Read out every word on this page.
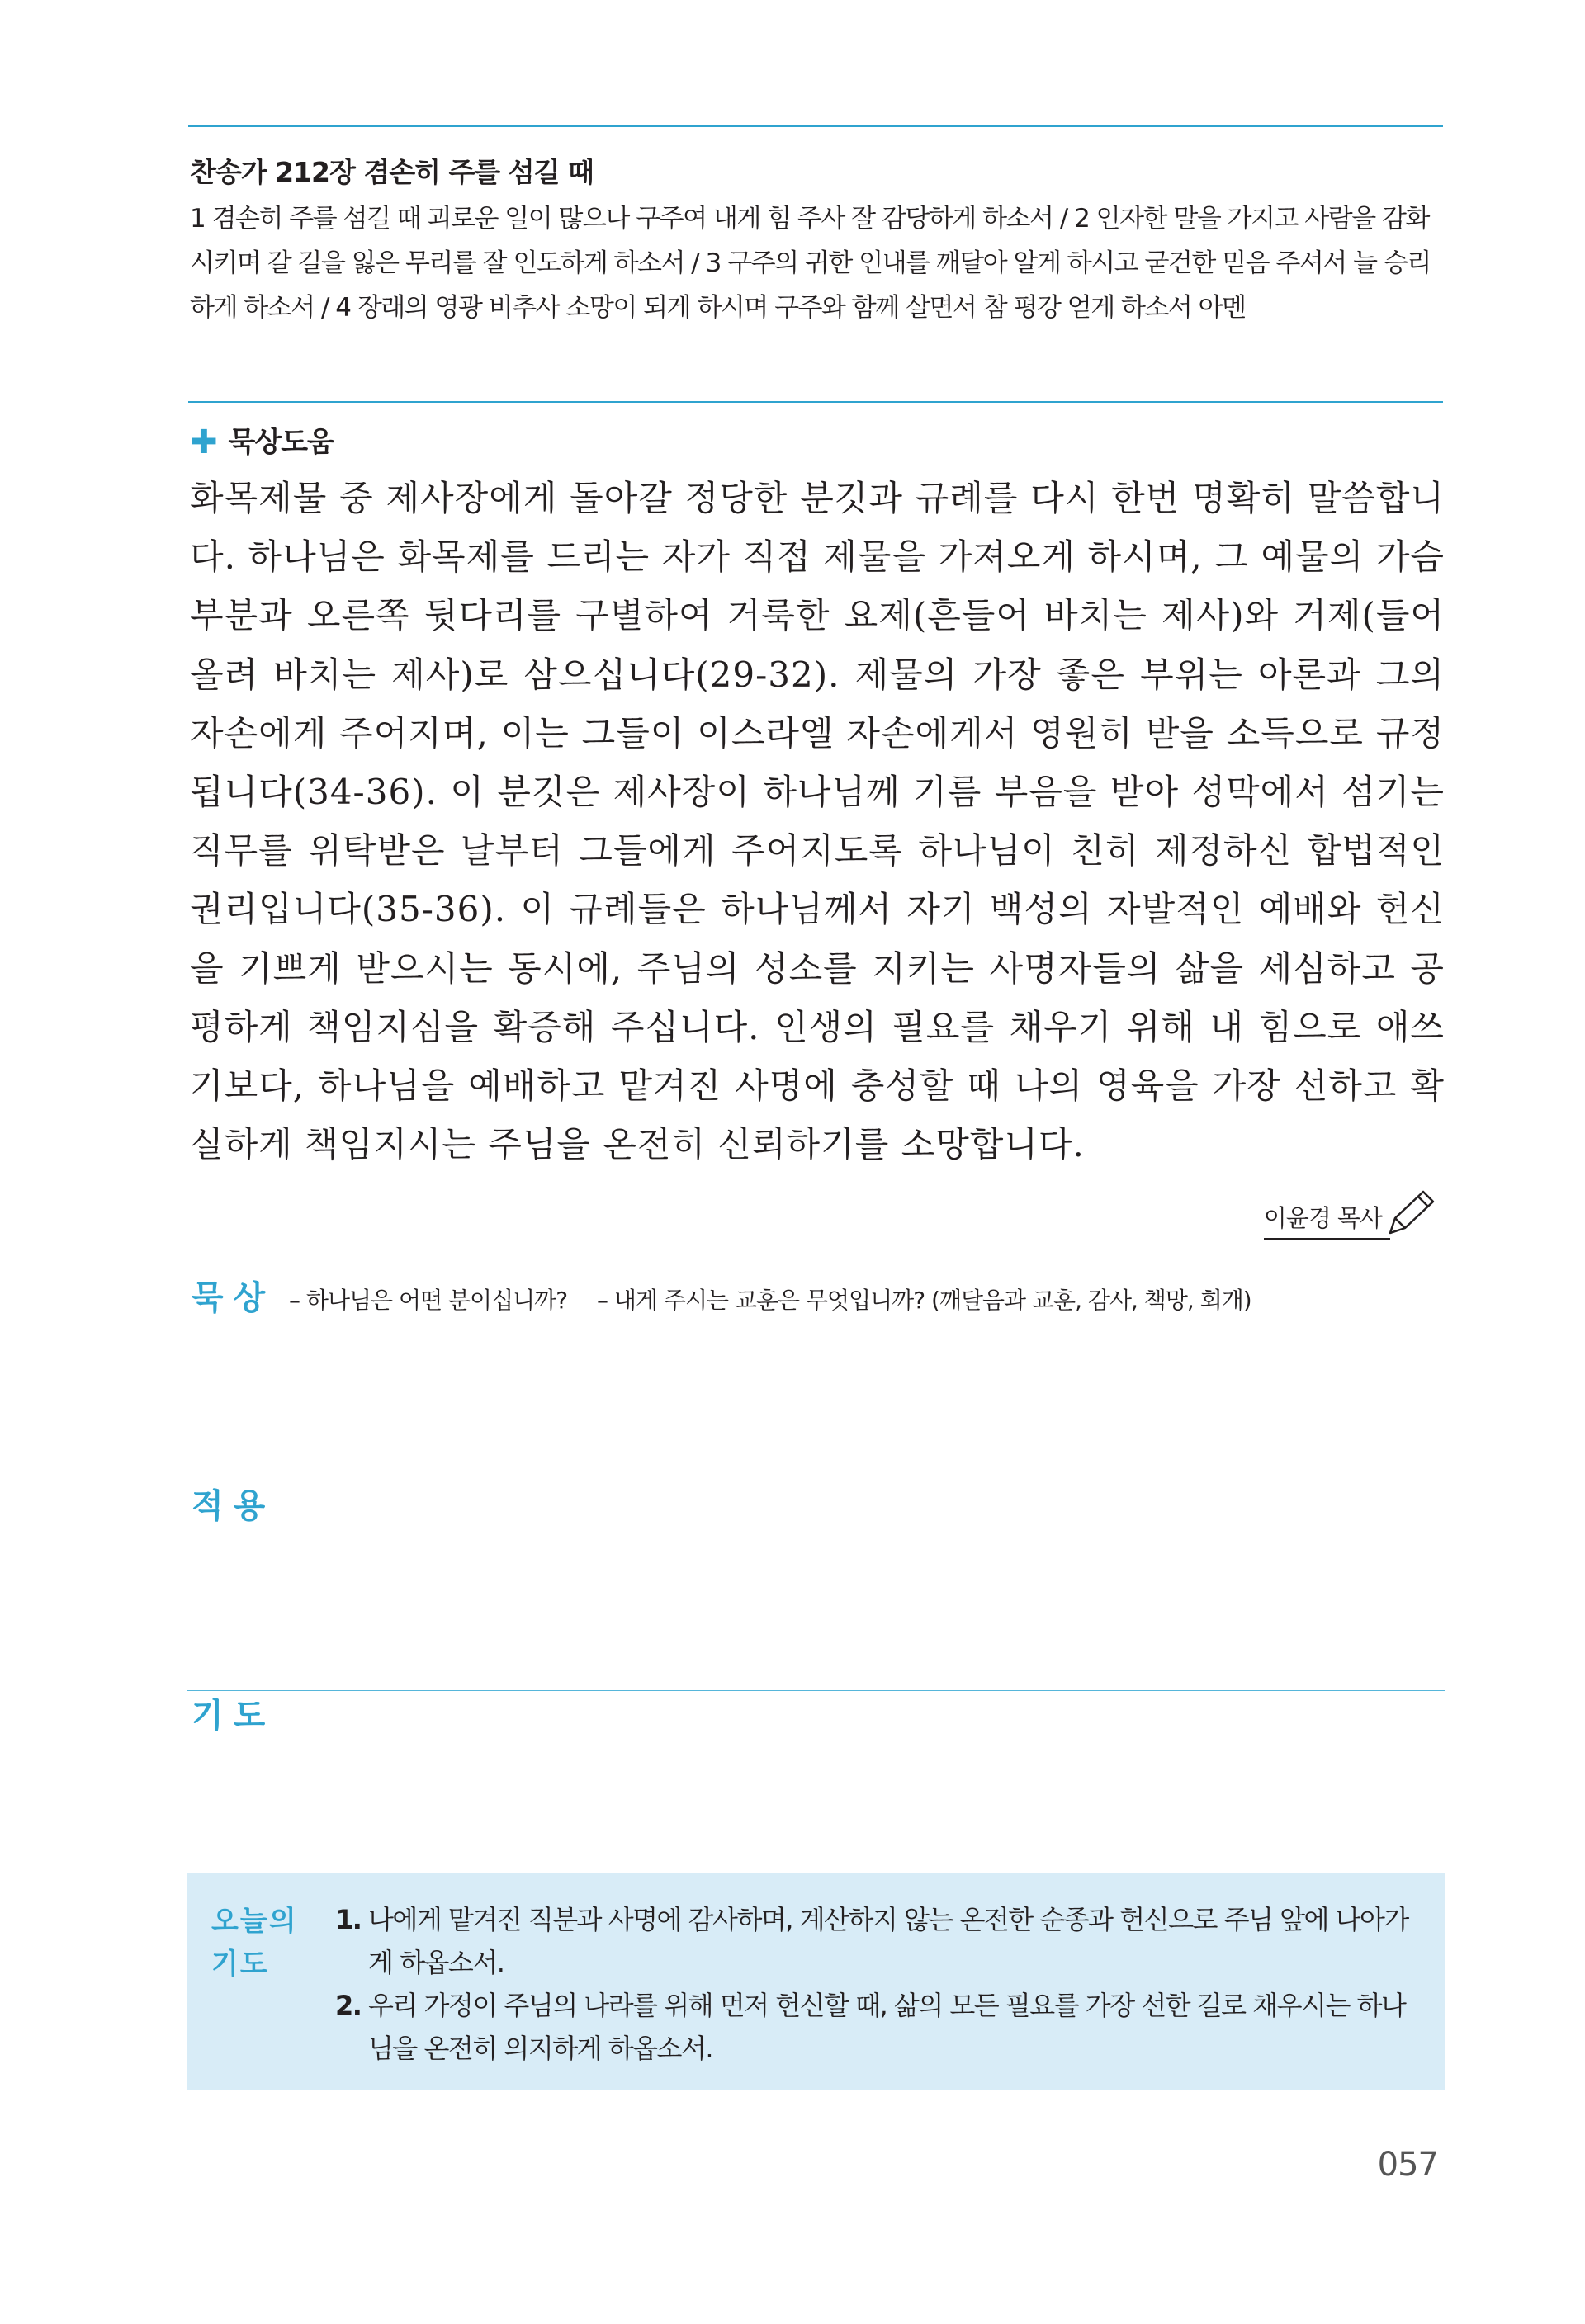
찬송가 212장 겸손히 주를 섬길 때
1 겸손히 주를 섬길 때 괴로운 일이 많으나 구주여 내게 힘 주사 잘 감당하게 하소서 / 2 인자한 말을 가지고 사람을 감화시키며 갈 길을 잃은 무리를 잘 인도하게 하소서 / 3 구주의 귀한 인내를 깨달아 알게 하시고 굳건한 믿음 주셔서 늘 승리하게 하소서 / 4 장래의 영광 비추사 소망이 되게 하시며 구주와 함께 살면서 참 평강 얻게 하소서 아멘
✚ 묵상도움
화목제물 중 제사장에게 돌아갈 정당한 분깃과 규례를 다시 한번 명확히 말씀합니다. 하나님은 화목제를 드리는 자가 직접 제물을 가져오게 하시며, 그 예물의 가슴 부분과 오른쪽 뒷다리를 구별하여 거룩한 요제(흔들어 바치는 제사)와 거제(들어 올려 바치는 제사)로 삼으십니다(29-32). 제물의 가장 좋은 부위는 아론과 그의 자손에게 주어지며, 이는 그들이 이스라엘 자손에게서 영원히 받을 소득으로 규정됩니다(34-36). 이 분깃은 제사장이 하나님께 기름 부음을 받아 성막에서 섬기는 직무를 위탁받은 날부터 그들에게 주어지도록 하나님이 친히 제정하신 합법적인 권리입니다(35-36). 이 규례들은 하나님께서 자기 백성의 자발적인 예배와 헌신을 기쁘게 받으시는 동시에, 주님의 성소를 지키는 사명자들의 삶을 세심하고 공평하게 책임지심을 확증해 주십니다. 인생의 필요를 채우기 위해 내 힘으로 애쓰기보다, 하나님을 예배하고 맡겨진 사명에 충성할 때 나의 영육을 가장 선하고 확실하게 책임지시는 주님을 온전히 신뢰하기를 소망합니다.
이윤경 목사
묵상 – 하나님은 어떤 분이십니까? – 내게 주시는 교훈은 무엇입니까? (깨달음과 교훈, 감사, 책망, 회개)
적용
기도
오늘의
기도
1. 나에게 맡겨진 직분과 사명에 감사하며, 계산하지 않는 온전한 순종과 헌신으로 주님 앞에 나아가게 하옵소서.
2. 우리 가정이 주님의 나라를 위해 먼저 헌신할 때, 삶의 모든 필요를 가장 선한 길로 채우시는 하나님을 온전히 의지하게 하옵소서.
057
